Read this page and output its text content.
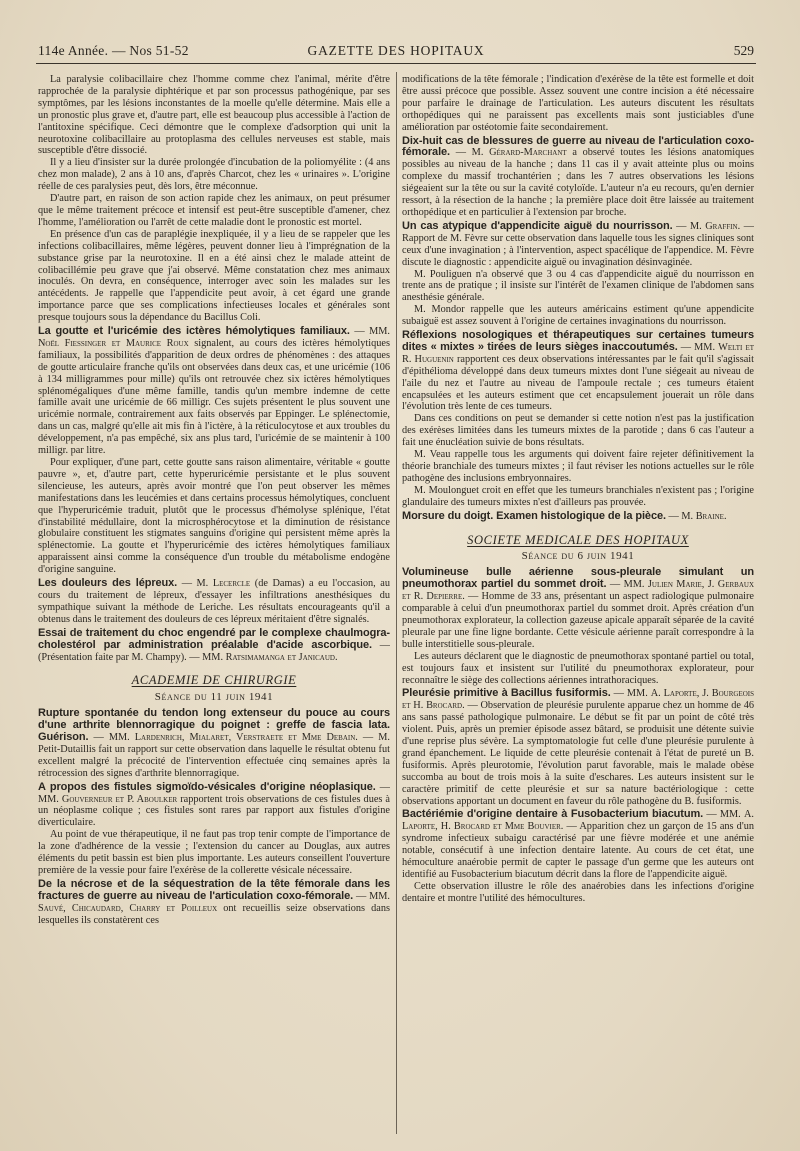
114e Année. — Nos 51-52	GAZETTE DES HOPITAUX	529

La paralysie colibacillaire chez l'homme comme chez l'animal, mérite d'être rapprochée de la paralysie diphtérique et par son processus pathogénique, par ses symptômes, par les lésions inconstantes de la moelle qu'elle détermine. Mais elle a un pronostic plus grave et, d'autre part, elle est beaucoup plus accessible à l'action de l'antitoxine spécifique. Ceci démontre que le complexe d'adsorption qui unit la neurotoxine colibacillaire au protoplasma des cellules nerveuses est stable, mais susceptible d'être dissocié.

Il y a lieu d'insister sur la durée prolongée d'incubation de la poliomyélite : (4 ans chez mon malade), 2 ans à 10 ans, d'après Charcot, chez les « urinaires ». L'origine réelle de ces paralysies peut, dès lors, être méconnue.

D'autre part, en raison de son action rapide chez les animaux, on peut présumer que le même traitement précoce et intensif est peut-être susceptible d'amener, chez l'homme, l'amélioration ou l'arrêt de cette maladie dont le pronostic est mortel.

En présence d'un cas de paraplégie inexpliquée, il y a lieu de se rappeler que les infections colibacillaires, même légères, peuvent donner lieu à l'imprégnation de la substance grise par la neurotoxine. Il en a été ainsi chez le malade atteint de colibacillémie peu grave que j'ai observé. Même constatation chez mes animaux inoculés. On devra, en conséquence, interroger avec soin les malades sur les antécédents. Je rappelle que l'appendicite peut avoir, à cet égard une grande importance parce que ses complications infectieuses locales et générales sont presque toujours sous la dépendance du Bacillus Coli.

La goutte et l'uricémie des ictères hémolytiques familiaux. — MM. Noël Fiessinger et Maurice Roux signalent, au cours des ictères hémolytiques familiaux, la possibilités d'apparition de deux ordres de phénomènes : des attaques de goutte articulaire franche qu'ils ont observées dans deux cas, et une uricémie (106 à 134 milligrammes pour mille) qu'ils ont retrouvée chez six ictères hémolytiques splénomégaliques d'une même famille, tandis qu'un membre indemne de cette famille avait une uricémie de 66 milligr. Ces sujets présentent le plus souvent une uricémie normale, contrairement aux faits observés par Eppinger. Le splénectomie, dans un cas, malgré qu'elle ait mis fin à l'ictère, à la réticulocytose et aux troubles du développement, n'a pas empêché, six ans plus tard, l'uricémie de se maintenir à 100 milligr. par litre.

Pour expliquer, d'une part, cette goutte sans raison alimentaire, véritable « goutte pauvre », et, d'autre part, cette hyperuricémie persistante et le plus souvent silencieuse, les auteurs, après avoir montré que l'on peut observer les mêmes manifestations dans les leucémies et dans certains processus hémolytiques, concluent que l'hyperuricémie traduit, plutôt que le processus d'hémolyse splénique, l'état d'instabilité médullaire, dont la microsphérocytose et la diminution de résistance globulaire constituent les stigmates sanguins d'origine qui persistent même après la splénectomie. La goutte et l'hyperuricémie des ictères hémolytiques familiaux apparaissent ainsi comme la conséquence d'un trouble du métabolisme endogène d'origine sanguine.

Les douleurs des lépreux. — M. Lecercle (de Damas) a eu l'occasion, au cours du traitement de lépreux, d'essayer les infiltrations anesthésiques du sympathique suivant la méthode de Leriche. Les résultats encourageants qu'il a obtenus dans le traitement des douleurs de ces lépreux méritaient d'être signalés.

Essai de traitement du choc engendré par le complexe chaulmogra-cholestérol par administration préalable d'acide ascorbique. — (Présentation faite par M. Champy). — MM. Ratsimamanga et Janicaud.

ACADEMIE DE CHIRURGIE
Séance du 11 juin 1941

Rupture spontanée du tendon long extenseur du pouce au cours d'une arthrite blennorragique du poignet : greffe de fascia lata. Guérison. — MM. Lardenrich, Mialaret, Verstraete et Mme Debain. — M. Petit-Dutaillis fait un rapport sur cette observation dans laquelle le résultat obtenu fut excellent malgré la précocité de l'intervention effectuée cinq semaines après la rétrocession des signes d'arthrite blennorragique.

A propos des fistules sigmoïdo-vésicales d'origine néoplasique. — MM. Gouverneur et P. Aboulker rapportent trois observations de ces fistules dues à un néoplasme colique ; ces fistules sont rares par rapport aux fistules d'origine diverticulaire.

Au point de vue thérapeutique, il ne faut pas trop tenir compte de l'importance de la zone d'adhérence de la vessie ; l'extension du cancer au Douglas, aux autres éléments du petit bassin est bien plus importante. Les auteurs conseillent l'ouverture première de la vessie pour faire l'exérèse de la collerette vésicale nécessaire.

De la nécrose et de la séquestration de la tête fémorale dans les fractures de guerre au niveau de l'articulation coxo-fémorale. — MM. Sauvé, Chicaudard, Charry et Poilleux ont recueillis seize observations dans lesquelles ils constatèrent ces

modifications de la tête fémorale ; l'indication d'exérèse de la tête est formelle et doit être aussi précoce que possible. Assez souvent une contre incision a été nécessaire pour parfaire le drainage de l'articulation. Les auteurs discutent les résultats orthopédiques qui ne paraissent pas excellents mais sont justiciables d'une amélioration par ostéotomie faite secondairement.

Dix-huit cas de blessures de guerre au niveau de l'articulation coxo-fémorale. — M. Gérard-Marchant a observé toutes les lésions anatomiques possibles au niveau de la hanche ; dans 11 cas il y avait atteinte plus ou moins complexe du massif trochantérien ; dans les 7 autres observations les lésions siégeaient sur la tête ou sur la cavité cotyloïde. L'auteur n'a eu recours, qu'en dernier ressort, à la résection de la hanche ; la première place doit être laissée au traitement orthopédique et en particulier à l'extension par broche.

Un cas atypique d'appendicite aiguë du nourrisson. — M. Graffin. — Rapport de M. Fèvre sur cette observation dans laquelle tous les signes cliniques sont ceux d'une invagination ; à l'intervention, aspect spacélique de l'appendice. M. Fèvre discute le diagnostic : appendicite aiguë ou invagination désinvaginée.

M. Pouliguen n'a observé que 3 ou 4 cas d'appendicite aiguë du nourrisson en trente ans de pratique ; il insiste sur l'intérêt de l'examen clinique de l'abdomen sans anesthésie générale.

M. Mondor rappelle que les auteurs américains estiment qu'une appendicite subaiguë est assez souvent à l'origine de certaines invaginations du nourrisson.

Réflexions nosologiques et thérapeutiques sur certaines tumeurs dites « mixtes » tirées de leurs sièges inaccoutumés. — MM. Welti et R. Huguenin rapportent ces deux observations intéressantes par le fait qu'il s'agissait d'épithélioma développé dans deux tumeurs mixtes dont l'une siégeait au niveau de l'aile du nez et l'autre au niveau de l'ampoule rectale ; ces tumeurs étaient encapsulées et les auteurs estiment que cet encapsulement jouerait un rôle dans l'évolution très lente de ces tumeurs.

Dans ces conditions on peut se demander si cette notion n'est pas la justification des exérèses limitées dans les tumeurs mixtes de la parotide ; dans 6 cas l'auteur a fait une énucléation suivie de bons résultats.

M. Veau rappelle tous les arguments qui doivent faire rejeter définitivement la théorie branchiale des tumeurs mixtes ; il faut réviser les notions actuelles sur le rôle pathogène des inclusions embryonnaires.

M. Moulonguet croit en effet que les tumeurs branchiales n'existent pas ; l'origine glandulaire des tumeurs mixtes n'est d'ailleurs pas prouvée.

Morsure du doigt. Examen histologique de la pièce. — M. Braine.

SOCIETE MEDICALE DES HOPITAUX
Séance du 6 juin 1941

Volumineuse bulle aérienne sous-pleurale simulant un pneumothorax partiel du sommet droit. — MM. Julien Marie, J. Gerbaux et R. Depierre. — Homme de 33 ans, présentant un aspect radiologique pulmonaire comparable à celui d'un pneumothorax partiel du sommet droit. Après création d'un pneumothorax explorateur, la collection gazeuse apicale apparaît séparée de la cavité pleurale par une fine ligne bordante. Cette vésicule aérienne paraît correspondre à la bulle interstitielle sous-pleurale.

Les auteurs déclarent que le diagnostic de pneumothorax spontané partiel ou total, est toujours faux et insistent sur l'utilité du pneumothorax explorateur, pour reconnaître le siège des collections aériennes intrathoraciques.

Pleurésie primitive à Bacillus fusiformis. — MM. A. Laporte, J. Bourgeois et H. Brocard. — Observation de pleurésie purulente apparue chez un homme de 46 ans sans passé pathologique pulmonaire. Le début se fit par un point de côté très violent. Puis, après un premier épisode assez bâtard, se produisit une détente suivie d'une reprise plus sévère. La symptomatologie fut celle d'une pleurésie purulente à grand épanchement. Le liquide de cette pleurésie contenait à l'état de pureté un B. fusiformis. Après pleurotomie, l'évolution parut favorable, mais le malade obèse succomba au bout de trois mois à la suite d'eschares. Les auteurs insistent sur le caractère primitif de cette pleurésie et sur sa nature bactériologique : cette observations apportant un document en faveur du rôle pathogène du B. fusiformis.

Bactériémie d'origine dentaire à Fusobacterium biacutum. — MM. A. Laporte, H. Brocard et Mme Bouvier. — Apparition chez un garçon de 15 ans d'un syndrome infectieux subaigu caractérisé par une fièvre modérée et une anémie notable, consécutif à une infection dentaire latente. Au cours de cet état, une hémoculture anaérobie permit de capter le passage d'un germe que les auteurs ont identifié au Fusobacterium biacutum décrit dans la flore de l'appendicite aiguë.

Cette observation illustre le rôle des anaérobies dans les infections d'origine dentaire et montre l'utilité des hémocultures.
